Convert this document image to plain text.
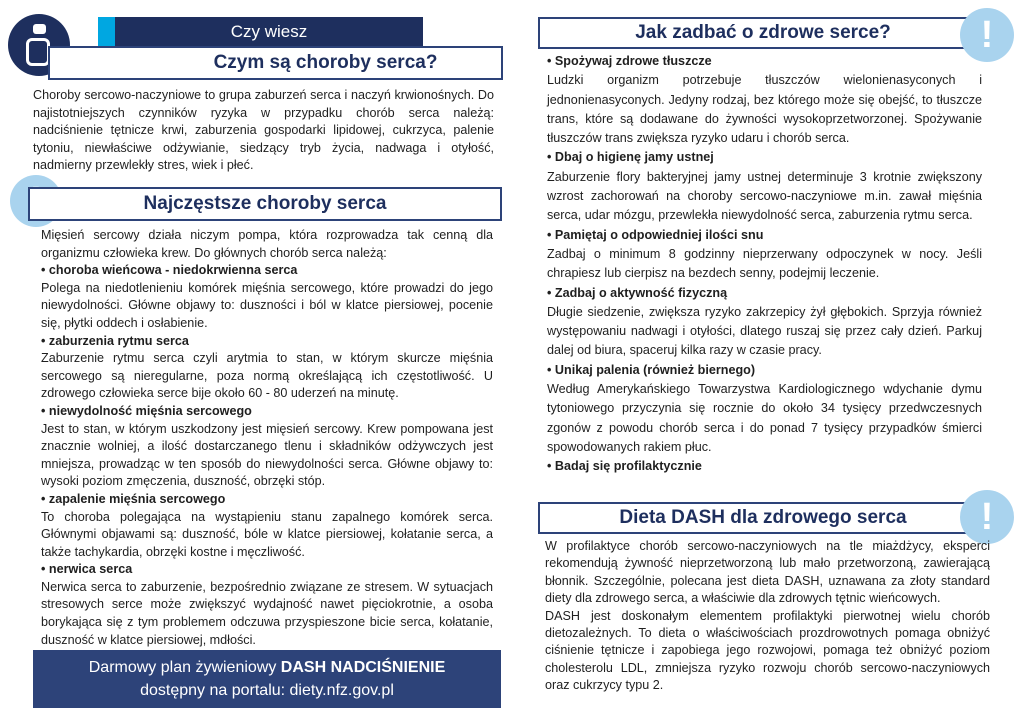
Czy wiesz
Czym są choroby serca?

Choroby sercowo-naczyniowe to grupa zaburzeń serca i naczyń krwionośnych. Do najistotniejszych czynników ryzyka w przypadku chorób serca należą: nadciśnienie tętnicze krwi, zaburzenia gospodarki lipidowej, cukrzyca, palenie tytoniu, niewłaściwe odżywianie, siedzący tryb życia, nadwaga i otyłość, nadmierny przewlekły stres, wiek i płeć.

Najczęstsze choroby serca

Mięsień sercowy działa niczym pompa, która rozprowadza tak cenną dla organizmu człowieka krew. Do głównych chorób serca należą:

• choroba wieńcowa - niedokrwienna serca

Polega na niedotlenieniu komórek mięśnia sercowego, które prowadzi do jego niewydolności. Główne objawy to: duszności i ból w klatce piersiowej, pocenie się, płytki oddech i osłabienie.

• zaburzenia rytmu serca

Zaburzenie rytmu serca czyli arytmia to stan, w którym skurcze mięśnia sercowego są nieregularne, poza normą określającą ich częstotliwość. U zdrowego człowieka serce bije około 60 - 80 uderzeń na minutę.

• niewydolność mięśnia sercowego

Jest to stan, w którym uszkodzony jest mięsień sercowy. Krew pompowana jest znacznie wolniej, a ilość dostarczanego tlenu i składników odżywczych jest mniejsza, prowadząc w ten sposób do niewydolności serca. Główne objawy to: wysoki poziom zmęczenia, duszność, obrzęki stóp.

• zapalenie mięśnia sercowego

To choroba polegająca na wystąpieniu stanu zapalnego komórek serca. Głównymi objawami są: duszność, bóle w klatce piersiowej, kołatanie serca, a także tachykardia, obrzęki kostne i męczliwość.

• nerwica serca

Nerwica serca to zaburzenie, bezpośrednio związane ze stresem. W sytuacjach stresowych serce może zwiększyć wydajność nawet pięciokrotnie, a osoba borykająca się z tym problemem odczuwa przyspieszone bicie serca, kołatanie, duszność w klatce piersiowej, mdłości.

Darmowy plan żywieniowy DASH NADCIŚNIENIE
dostępny na portalu: diety.nfz.gov.pl
Jak zadbać o zdrowe serce?	!

• Spożywaj zdrowe tłuszcze

Ludzki organizm potrzebuje tłuszczów wielonienasyconych i jednonienasyconych. Jedyny rodzaj, bez którego może się obejść, to tłuszcze trans, które są dodawane do żywności wysokoprzetworzonej. Spożywanie tłuszczów trans zwiększa ryzyko udaru i chorób serca.

• Dbaj o higienę jamy ustnej

Zaburzenie flory bakteryjnej jamy ustnej determinuje 3 krotnie zwiększony wzrost zachorowań na choroby sercowo-naczyniowe m.in. zawał mięśnia serca, udar mózgu, przewlekła niewydolność serca, zaburzenia rytmu serca.

• Pamiętaj o odpowiedniej ilości snu

Zadbaj o minimum 8 godzinny nieprzerwany odpoczynek w nocy. Jeśli chrapiesz lub cierpisz na bezdech senny, podejmij leczenie.

• Zadbaj o aktywność fizyczną

Długie siedzenie, zwiększa ryzyko zakrzepicy żył głębokich. Sprzyja również występowaniu nadwagi i otyłości, dlatego ruszaj się przez cały dzień. Parkuj dalej od biura, spaceruj kilka razy w czasie pracy.

• Unikaj palenia (również biernego)

Według Amerykańskiego Towarzystwa Kardiologicznego wdychanie dymu tytoniowego przyczynia się rocznie do około 34 tysięcy przedwczesnych zgonów z powodu chorób serca i do ponad 7 tysięcy przypadków śmierci spowodowanych rakiem płuc.

• Badaj się profilaktycznie

Dieta DASH dla zdrowego serca	!

W profilaktyce chorób sercowo-naczyniowych na tle miażdżycy, eksperci rekomendują żywność nieprzetworzoną lub mało przetworzoną, zawierającą błonnik. Szczególnie, polecana jest dieta DASH, uznawana za złoty standard diety dla zdrowego serca, a właściwie dla zdrowych tętnic wieńcowych.

DASH jest doskonałym elementem profilaktyki pierwotnej wielu chorób dietozależnych. To dieta o właściwościach prozdrowotnych pomaga obniżyć ciśnienie tętnicze i zapobiega jego rozwojowi, pomaga też obniżyć poziom cholesterolu LDL, zmniejsza ryzyko rozwoju chorób sercowo-naczyniowych oraz cukrzycy typu 2.
